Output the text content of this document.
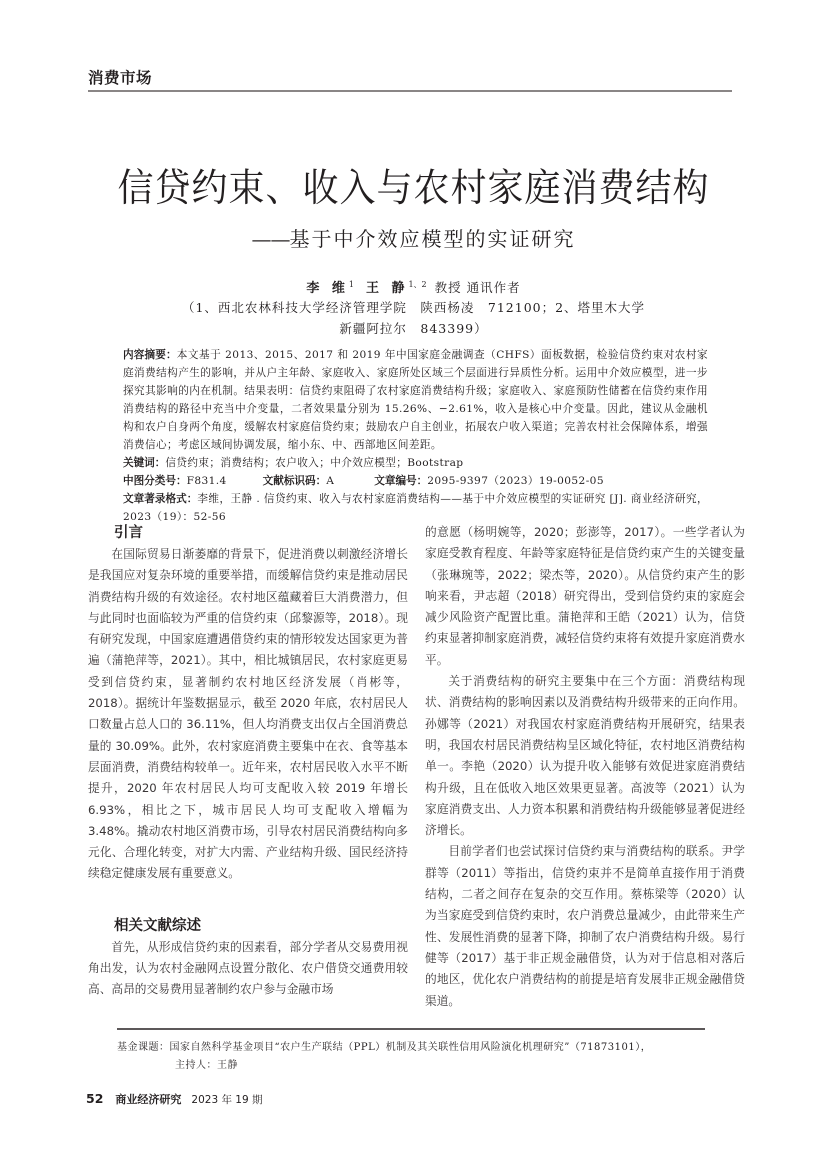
消费市场
信贷约束、收入与农村家庭消费结构
——基于中介效应模型的实证研究
李 维$^1$ 王 静$^{1、2}$ 教授 通讯作者
（1、西北农林科技大学经济管理学院　陕西杨凌　712100；2、塔里木大学
新疆阿拉尔　843399）

内容摘要：本文基于 2013、2015、2017 和 2019 年中国家庭金融调查（CHFS）面板数据，检验信贷约束对农村家庭消费结构产生的影响，并从户主年龄、家庭收入、家庭所处区域三个层面进行异质性分析。运用中介效应模型，进一步探究其影响的内在机制。结果表明：信贷约束阻碍了农村家庭消费结构升级；家庭收入、家庭预防性储蓄在信贷约束作用消费结构的路径中充当中介变量，二者效果量分别为 15.26%、−2.61%，收入是核心中介变量。因此，建议从金融机构和农户自身两个角度，缓解农村家庭信贷约束；鼓励农户自主创业，拓展农户收入渠道；完善农村社会保障体系，增强消费信心；考虑区域间协调发展，缩小东、中、西部地区间差距。

关键词：信贷约束；消费结构；农户收入；中介效应模型；Bootstrap

中图分类号：F831.4	文献标识码：A	文章编号：2095-9397（2023）19-0052-05

文章著录格式：李维，王静 . 信贷约束、收入与农村家庭消费结构——基于中介效应模型的实证研究 [J]. 商业经济研究，2023（19）：52-56

引言

在国际贸易日渐萎靡的背景下，促进消费以刺激经济增长是我国应对复杂环境的重要举措，而缓解信贷约束是推动居民消费结构升级的有效途径。农村地区蕴藏着巨大消费潜力，但与此同时也面临较为严重的信贷约束（邱黎源等，2018）。现有研究发现，中国家庭遭遇借贷约束的情形较发达国家更为普遍（蒲艳萍等，2021）。其中，相比城镇居民，农村家庭更易受到信贷约束，显著制约农村地区经济发展（肖彬等，2018）。据统计年鉴数据显示，截至 2020 年底，农村居民人口数量占总人口的 36.11%，但人均消费支出仅占全国消费总量的 30.09%。此外，农村家庭消费主要集中在衣、食等基本层面消费，消费结构较单一。近年来，农村居民收入水平不断提升，2020 年农村居民人均可支配收入较 2019 年增长 6.93%，相比之下，城市居民人均可支配收入增幅为 3.48%。撬动农村地区消费市场，引导农村居民消费结构向多元化、合理化转变，对扩大内需、产业结构升级、国民经济持续稳定健康发展有重要意义。

相关文献综述

首先，从形成信贷约束的因素看，部分学者从交易费用视角出发，认为农村金融网点设置分散化、农户借贷交通费用较高、高昂的交易费用显著制约农户参与金融市场

的意愿（杨明婉等，2020；彭澎等，2017）。一些学者认为家庭受教育程度、年龄等家庭特征是信贷约束产生的关键变量（张琳琬等，2022；梁杰等，2020）。从信贷约束产生的影响来看，尹志超（2018）研究得出，受到信贷约束的家庭会减少风险资产配置比重。蒲艳萍和王皓（2021）认为，信贷约束显著抑制家庭消费，减轻信贷约束将有效提升家庭消费水平。

关于消费结构的研究主要集中在三个方面：消费结构现状、消费结构的影响因素以及消费结构升级带来的正向作用。孙娜等（2021）对我国农村家庭消费结构开展研究，结果表明，我国农村居民消费结构呈区域化特征，农村地区消费结构单一。李艳（2020）认为提升收入能够有效促进家庭消费结构升级，且在低收入地区效果更显著。高波等（2021）认为家庭消费支出、人力资本积累和消费结构升级能够显著促进经济增长。

目前学者们也尝试探讨信贷约束与消费结构的联系。尹学群等（2011）等指出，信贷约束并不是简单直接作用于消费结构，二者之间存在复杂的交互作用。蔡栋梁等（2020）认为当家庭受到信贷约束时，农户消费总量减少，由此带来生产性、发展性消费的显著下降，抑制了农户消费结构升级。易行健等（2017）基于非正规金融借贷，认为对于信息相对落后的地区，优化农户消费结构的前提是培育发展非正规金融借贷渠道。

基金课题：国家自然科学基金项目“农户生产联结（PPL）机制及其关联性信用风险演化机理研究”（71873101），
主持人：王静
52 商业经济研究 2023 年 19 期
